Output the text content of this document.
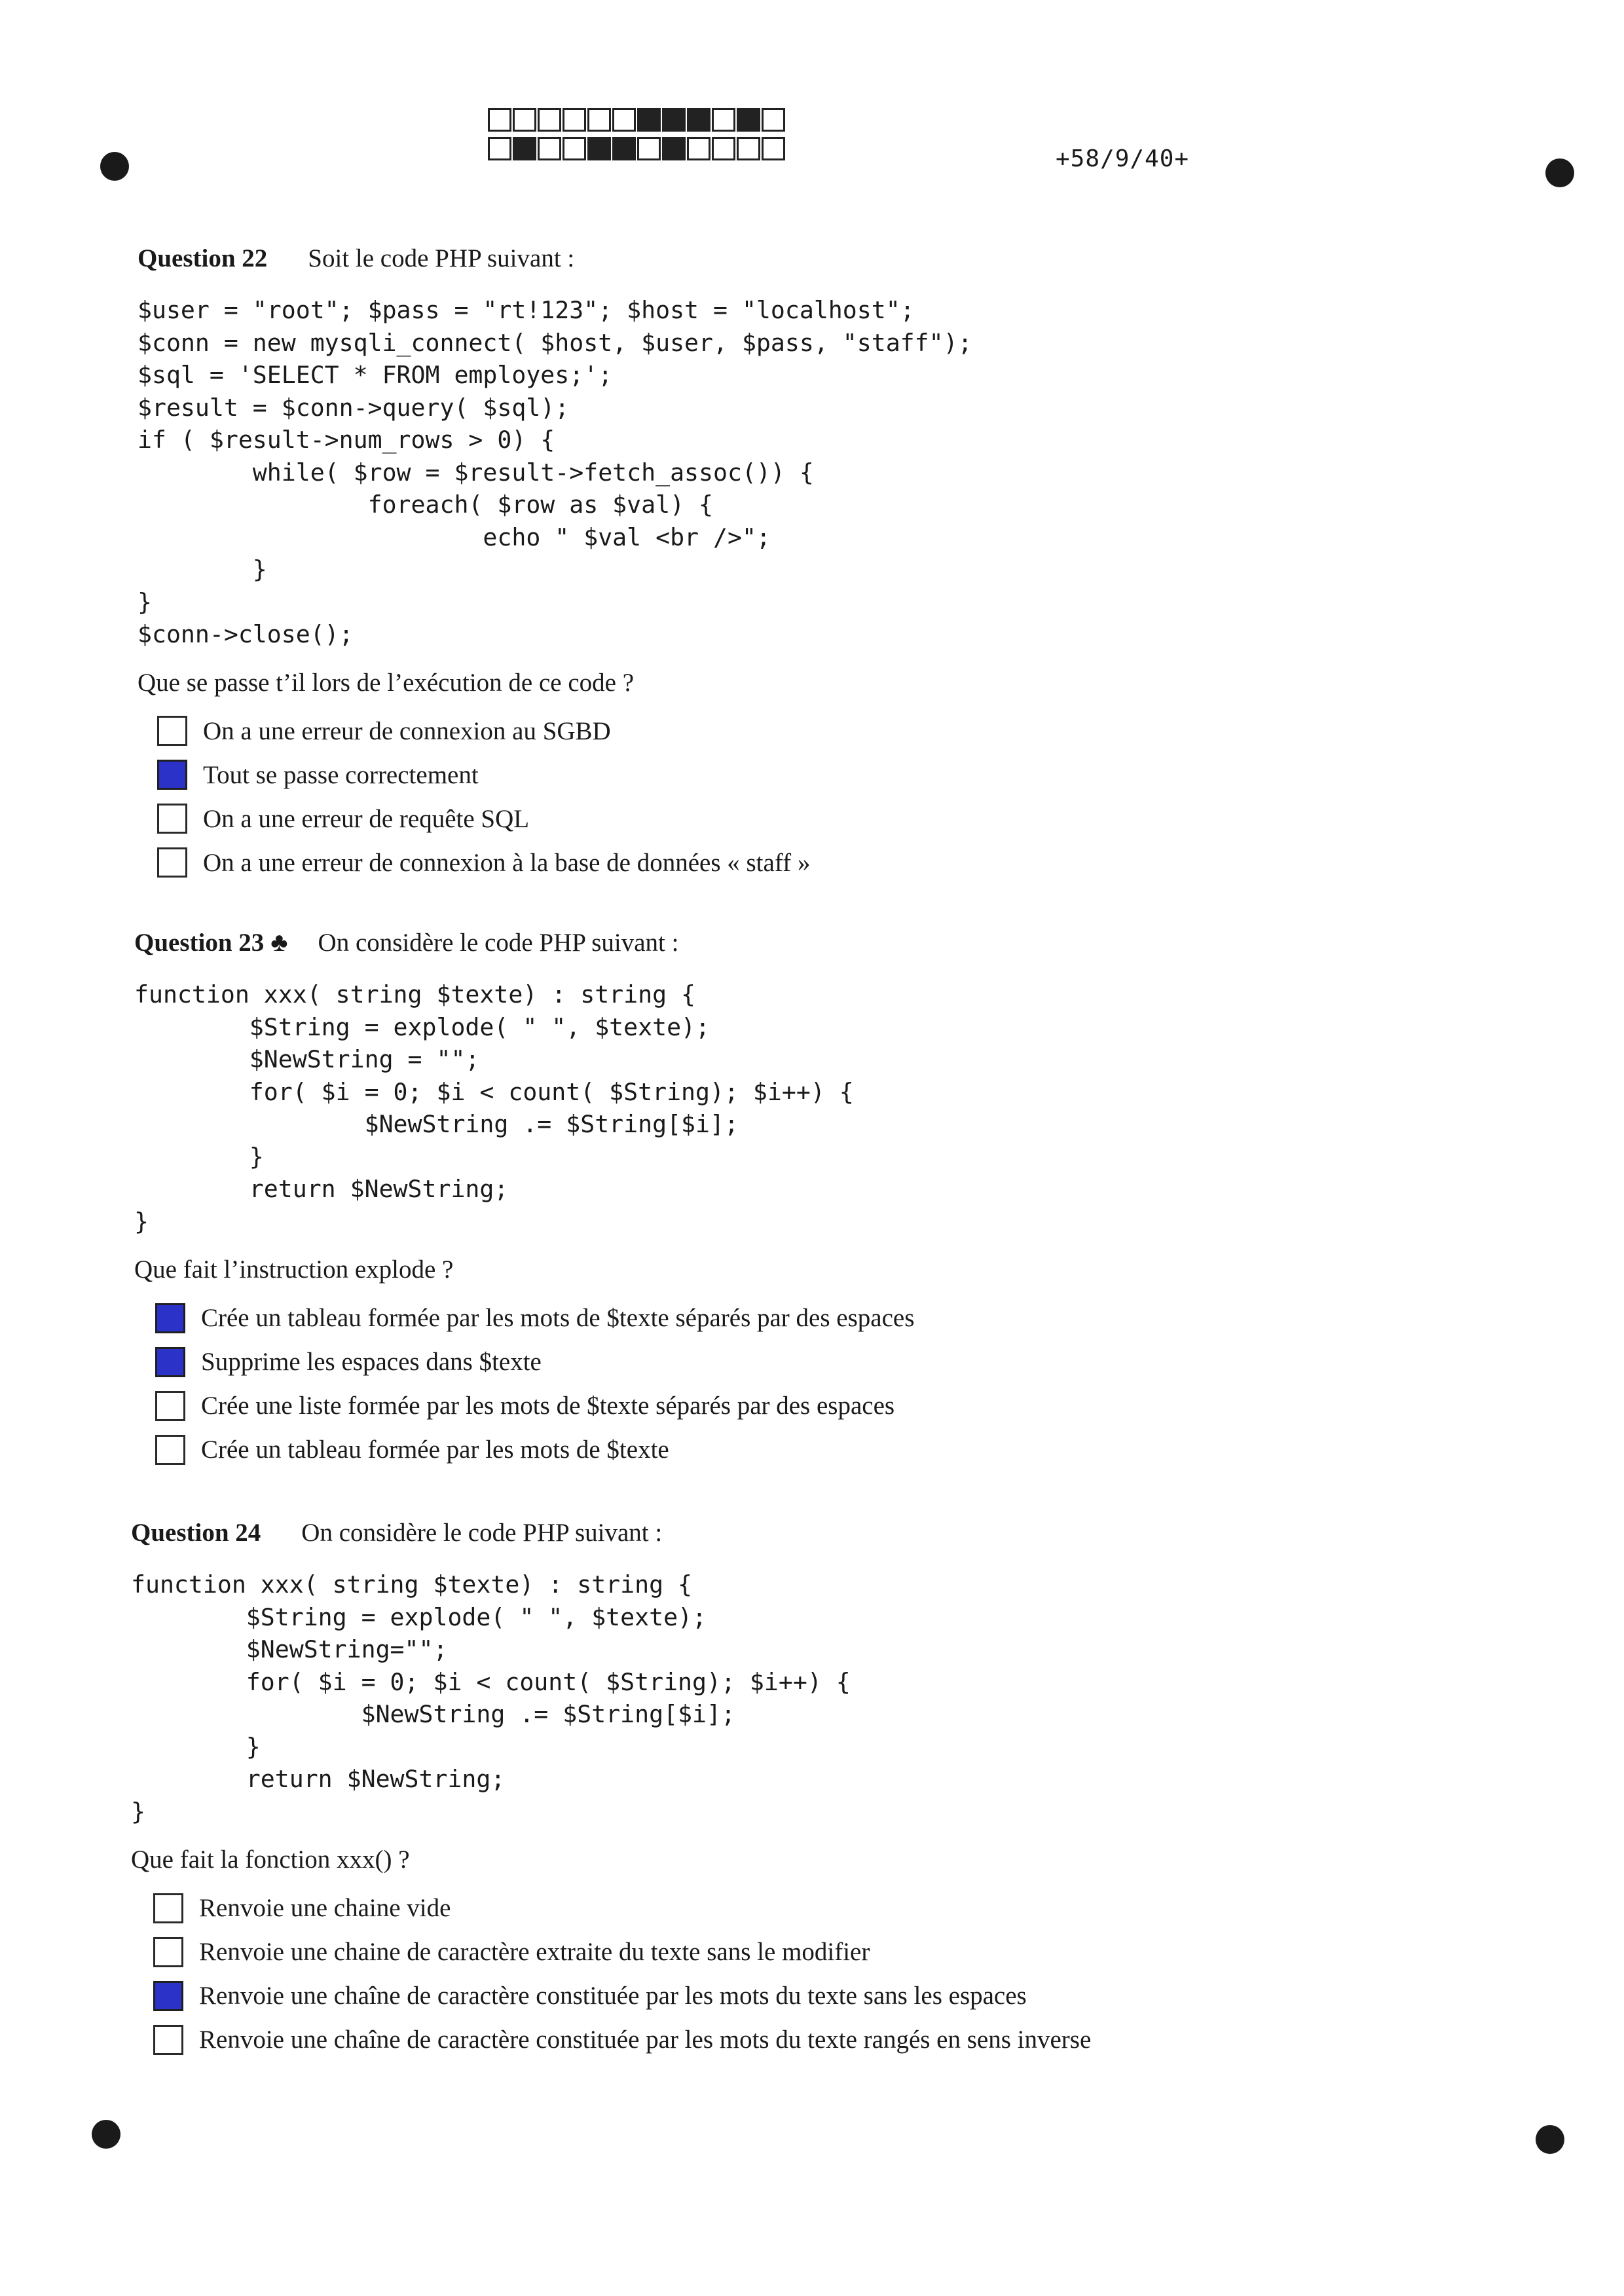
+58/9/40+
Question 22 Soit le code PHP suivant :
$user = "root"; $pass = "rt!123"; $host = "localhost";
$conn = new mysqli_connect( $host, $user, $pass, "staff");
$sql = 'SELECT * FROM employes;';
$result = $conn->query( $sql);
if ( $result->num_rows > 0) {
while( $row = $result->fetch_assoc()) {
foreach( $row as $val) {
echo " $val <br />";
}
}
$conn->close();
Que se passe t’il lors de l’exécution de ce code ?
On a une erreur de connexion au SGBD
Tout se passe correctement
On a une erreur de requête SQL
On a une erreur de connexion à la base de données « staff »
Question 23 ♣ On considère le code PHP suivant :
function xxx( string $texte) : string {
$String = explode( " ", $texte);
$NewString = "";
for( $i = 0; $i < count( $String); $i++) {
$NewString .= $String[$i];
}
return $NewString;
}
Que fait l’instruction explode ?
Crée un tableau formée par les mots de $texte séparés par des espaces
Supprime les espaces dans $texte
Crée une liste formée par les mots de $texte séparés par des espaces
Crée un tableau formée par les mots de $texte
Question 24 On considère le code PHP suivant :
function xxx( string $texte) : string {
$String = explode( " ", $texte);
$NewString="";
for( $i = 0; $i < count( $String); $i++) {
$NewString .= $String[$i];
}
return $NewString;
}
Que fait la fonction xxx() ?
Renvoie une chaine vide
Renvoie une chaine de caractère extraite du texte sans le modifier
Renvoie une chaîne de caractère constituée par les mots du texte sans les espaces
Renvoie une chaîne de caractère constituée par les mots du texte rangés en sens inverse
